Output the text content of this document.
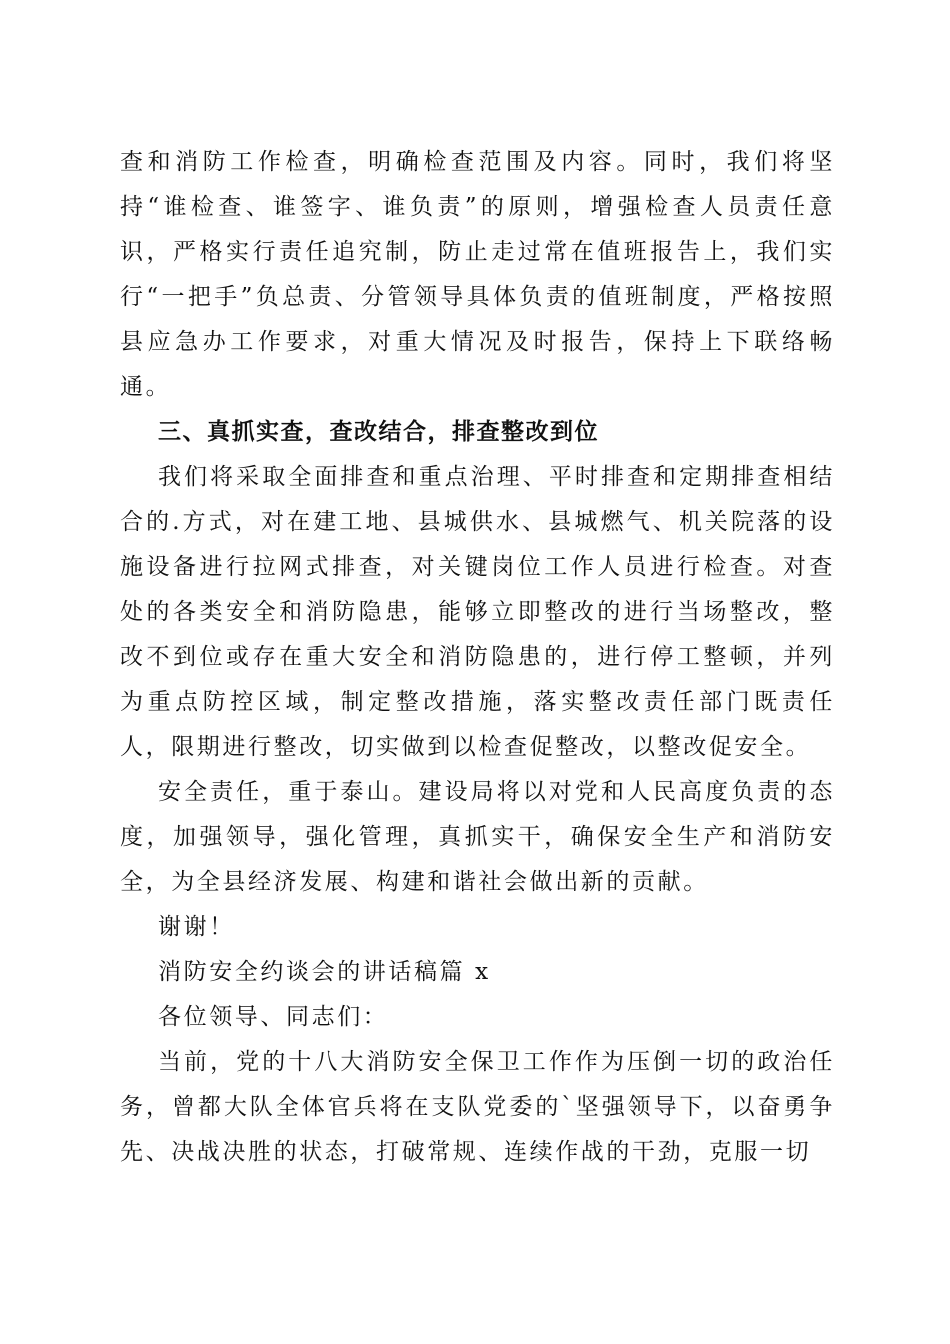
查和消防工作检查，明确检查范围及内容。同时，我们将坚持“谁检查、谁签字、谁负责”的原则，增强检查人员责任意识，严格实行责任追究制，防止走过常在值班报告上，我们实行“一把手”负总责、分管领导具体负责的值班制度，严格按照县应急办工作要求，对重大情况及时报告，保持上下联络畅通。

三、真抓实查，查改结合，排查整改到位

我们将采取全面排查和重点治理、平时排查和定期排查相结合的.方式，对在建工地、县城供水、县城燃气、机关院落的设施设备进行拉网式排查，对关键岗位工作人员进行检查。对查处的各类安全和消防隐患，能够立即整改的进行当场整改，整改不到位或存在重大安全和消防隐患的，进行停工整顿，并列为重点防控区域，制定整改措施，落实整改责任部门既责任人，限期进行整改，切实做到以检查促整改，以整改促安全。

安全责任，重于泰山。建设局将以对党和人民高度负责的态度，加强领导，强化管理，真抓实干，确保安全生产和消防安全，为全县经济发展、构建和谐社会做出新的贡献。

谢谢！

消防安全约谈会的讲话稿篇 x

各位领导、同志们：

当前，党的十八大消防安全保卫工作作为压倒一切的政治任务，曾都大队全体官兵将在支队党委的`坚强领导下，以奋勇争先、决战决胜的状态，打破常规、连续作战的干劲，克服一切
